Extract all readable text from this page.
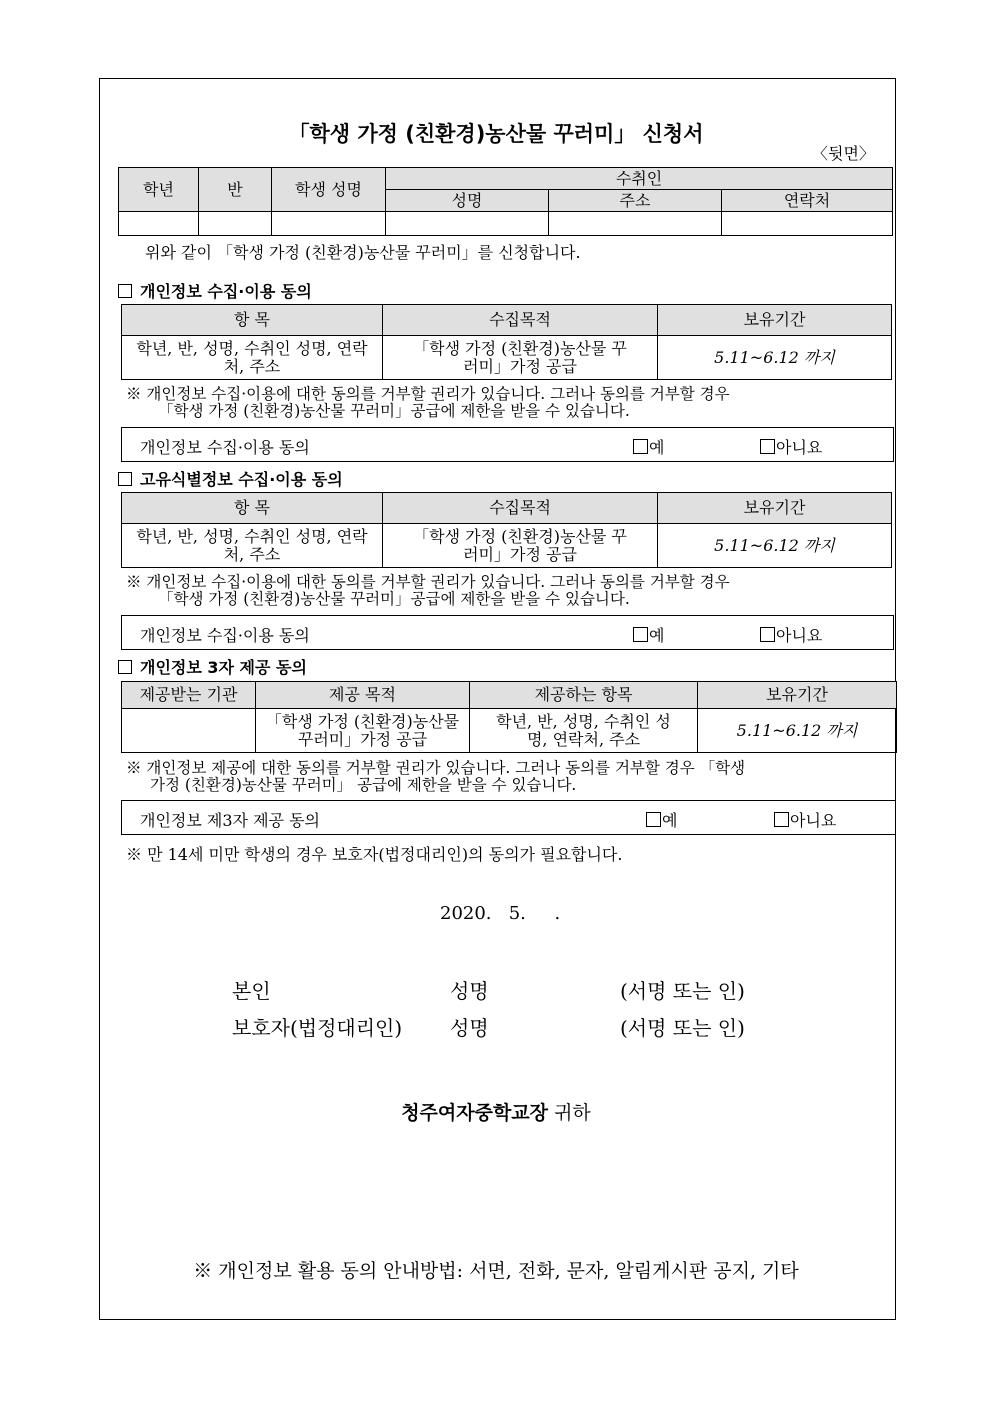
「학생 가정 (친환경)농산물 꾸러미」 신청서
〈뒷면〉
학년	반	학생 성명	수취인		
			성명	주소	연락처

위와 같이 「학생 가정 (친환경)농산물 꾸러미」를 신청합니다.
개인정보 수집·이용 동의
항 목	수집목적	보유기간
학년, 반, 성명, 수취인 성명, 연락처, 주소	「학생 가정 (친환경)농산물 꾸러미」가정 공급	5.11~6.12 까지
※ 개인정보 수집·이용에 대한 동의를 거부할 권리가 있습니다. 그러나 동의를 거부할 경우
「학생 가정 (친환경)농산물 꾸러미」공급에 제한을 받을 수 있습니다.
개인정보 수집·이용 동의	예	아니요
고유식별정보 수집·이용 동의
항 목	수집목적	보유기간
학년, 반, 성명, 수취인 성명, 연락처, 주소	「학생 가정 (친환경)농산물 꾸러미」가정 공급	5.11~6.12 까지
※ 개인정보 수집·이용에 대한 동의를 거부할 권리가 있습니다. 그러나 동의를 거부할 경우
「학생 가정 (친환경)농산물 꾸러미」공급에 제한을 받을 수 있습니다.
개인정보 수집·이용 동의	예	아니요
개인정보 3자 제공 동의
제공받는 기관	제공 목적	제공하는 항목	보유기간
	「학생 가정 (친환경)농산물 꾸러미」가정 공급	학년, 반, 성명, 수취인 성명, 연락처, 주소	5.11~6.12 까지
※ 개인정보 제공에 대한 동의를 거부할 권리가 있습니다. 그러나 동의를 거부할 경우 「학생
가정 (친환경)농산물 꾸러미」 공급에 제한을 받을 수 있습니다.
개인정보 제3자 제공 동의	예	아니요
※ 만 14세 미만 학생의 경우 보호자(법정대리인)의 동의가 필요합니다.
2020.   5.     .
본인	성명	(서명 또는 인)
보호자(법정대리인) 성명	(서명 또는 인)
청주여자중학교장 귀하
※ 개인정보 활용 동의 안내방법: 서면, 전화, 문자, 알림게시판 공지, 기타
